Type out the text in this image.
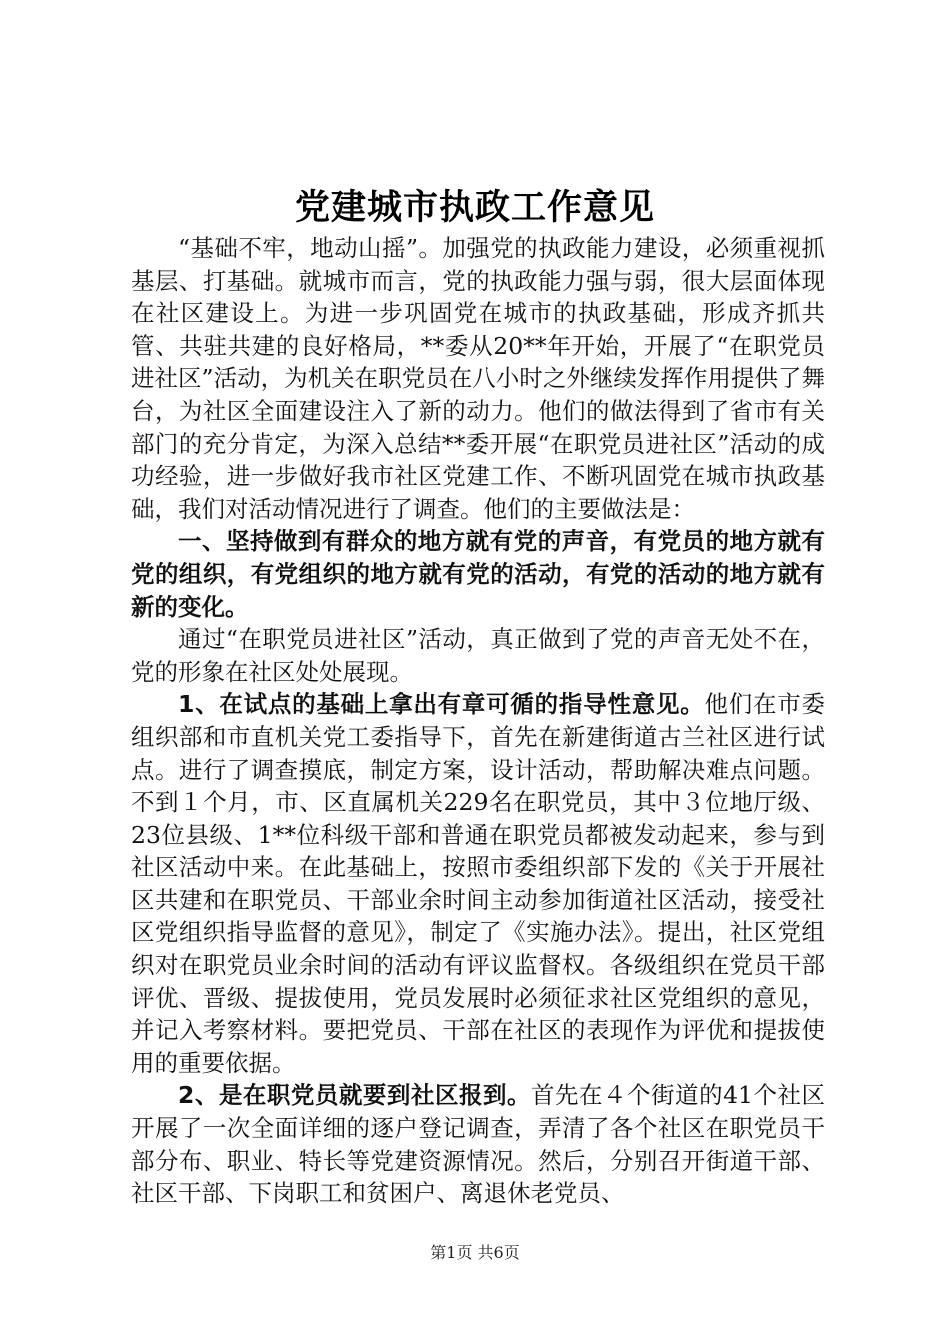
党建城市执政工作意见

“基础不牢，地动山摇”。加强党的执政能力建设，必须重视抓基层、打基础。就城市而言，党的执政能力强与弱，很大层面体现在社区建设上。为进一步巩固党在城市的执政基础，形成齐抓共管、共驻共建的良好格局，**委从20**年开始，开展了“在职党员进社区”活动，为机关在职党员在八小时之外继续发挥作用提供了舞台，为社区全面建设注入了新的动力。他们的做法得到了省市有关部门的充分肯定，为深入总结**委开展“在职党员进社区”活动的成功经验，进一步做好我市社区党建工作、不断巩固党在城市执政基础，我们对活动情况进行了调查。他们的主要做法是：

一、坚持做到有群众的地方就有党的声音，有党员的地方就有党的组织，有党组织的地方就有党的活动，有党的活动的地方就有新的变化。

通过“在职党员进社区”活动，真正做到了党的声音无处不在，党的形象在社区处处展现。

1、在试点的基础上拿出有章可循的指导性意见。他们在市委组织部和市直机关党工委指导下，首先在新建街道古兰社区进行试点。进行了调查摸底，制定方案，设计活动，帮助解决难点问题。不到１个月，市、区直属机关229名在职党员，其中３位地厅级、23位县级、1**位科级干部和普通在职党员都被发动起来，参与到社区活动中来。在此基础上，按照市委组织部下发的《关于开展社区共建和在职党员、干部业余时间主动参加街道社区活动，接受社区党组织指导监督的意见》，制定了《实施办法》。提出，社区党组织对在职党员业余时间的活动有评议监督权。各级组织在党员干部评优、晋级、提拔使用，党员发展时必须征求社区党组织的意见，并记入考察材料。要把党员、干部在社区的表现作为评优和提拔使用的重要依据。

2、是在职党员就要到社区报到。首先在４个街道的41个社区开展了一次全面详细的逐户登记调查，弄清了各个社区在职党员干部分布、职业、特长等党建资源情况。然后，分别召开街道干部、社区干部、下岗职工和贫困户、离退休老党员、

第1页 共6页
